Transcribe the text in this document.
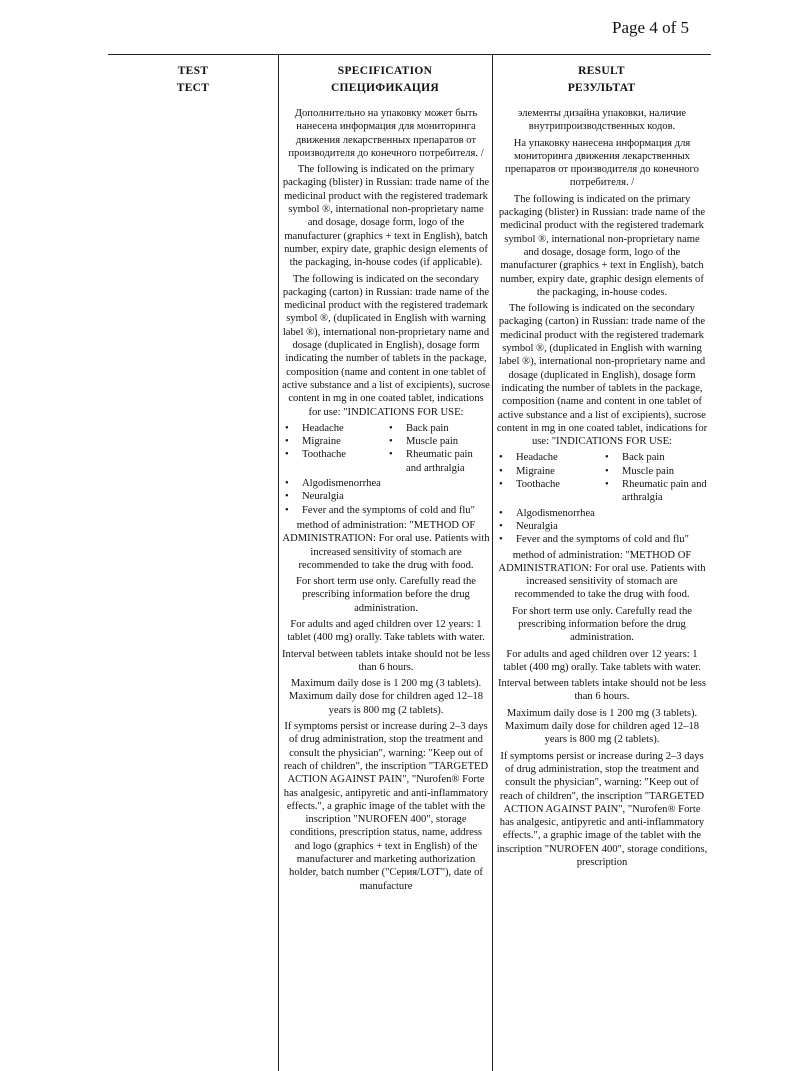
Page 4 of 5
TEST
ТЕСТ
SPECIFICATION
СПЕЦИФИКАЦИЯ
RESULT
РЕЗУЛЬТАТ

Дополнительно на упаковку может быть нанесена информация для мониторинга движения лекарственных препаратов от производителя до конечного потребителя. /

The following is indicated on the primary packaging (blister) in Russian: trade name of the medicinal product with the registered trademark symbol ®, international non-proprietary name and dosage, dosage form, logo of the manufacturer (graphics + text in English), batch number, expiry date, graphic design elements of the packaging, in-house codes (if applicable).

The following is indicated on the secondary packaging (carton) in Russian: trade name of the medicinal product with the registered trademark symbol ®, (duplicated in English with warning label ®), international non-proprietary name and dosage (duplicated in English), dosage form indicating the number of tablets in the package, composition (name and content in one tablet of active substance and a list of excipients), sucrose content in mg in one coated tablet, indications for use: "INDICATIONS FOR USE:

• Headache
• Migraine
• Toothache
• Back pain
• Muscle pain
• Rheumatic pain and arthralgia
• Algodismenorrhea
• Neuralgia
• Fever and the symptoms of cold and flu"

method of administration: "METHOD OF ADMINISTRATION: For oral use. Patients with increased sensitivity of stomach are recommended to take the drug with food.

For short term use only. Carefully read the prescribing information before the drug administration.

For adults and aged children over 12 years: 1 tablet (400 mg) orally. Take tablets with water.

Interval between tablets intake should not be less than 6 hours.

Maximum daily dose is 1 200 mg (3 tablets). Maximum daily dose for children aged 12–18 years is 800 mg (2 tablets).

If symptoms persist or increase during 2–3 days of drug administration, stop the treatment and consult the physician", warning: "Keep out of reach of children", the inscription "TARGETED ACTION AGAINST PAIN", "Nurofen® Forte has analgesic, antipyretic and anti-inflammatory effects.", a graphic image of the tablet with the inscription "NUROFEN 400", storage conditions, prescription status, name, address and logo (graphics + text in English) of the manufacturer and marketing authorization holder, batch number ("Серия/LOT"), date of manufacture

элементы дизайна упаковки, наличие внутрипроизводственных кодов.

На упаковку нанесена информация для мониторинга движения лекарственных препаратов от производителя до конечного потребителя. /

The following is indicated on the primary packaging (blister) in Russian: trade name of the medicinal product with the registered trademark symbol ®, international non-proprietary name and dosage, dosage form, logo of the manufacturer (graphics + text in English), batch number, expiry date, graphic design elements of the packaging, in-house codes.

The following is indicated on the secondary packaging (carton) in Russian: trade name of the medicinal product with the registered trademark symbol ®, (duplicated in English with warning label ®), international non-proprietary name and dosage (duplicated in English), dosage form indicating the number of tablets in the package, composition (name and content in one tablet of active substance and a list of excipients), sucrose content in mg in one coated tablet, indications for use: "INDICATIONS FOR USE:

• Headache
• Migraine
• Toothache
• Back pain
• Muscle pain
• Rheumatic pain and arthralgia
• Algodismenorrhea
• Neuralgia
• Fever and the symptoms of cold and flu"

method of administration: "METHOD OF ADMINISTRATION: For oral use. Patients with increased sensitivity of stomach are recommended to take the drug with food.

For short term use only. Carefully read the prescribing information before the drug administration.

For adults and aged children over 12 years: 1 tablet (400 mg) orally. Take tablets with water.

Interval between tablets intake should not be less than 6 hours.

Maximum daily dose is 1 200 mg (3 tablets). Maximum daily dose for children aged 12–18 years is 800 mg (2 tablets).

If symptoms persist or increase during 2–3 days of drug administration, stop the treatment and consult the physician", warning: "Keep out of reach of children", the inscription "TARGETED ACTION AGAINST PAIN", "Nurofen® Forte has analgesic, antipyretic and anti-inflammatory effects.", a graphic image of the tablet with the inscription "NUROFEN 400", storage conditions, prescription
